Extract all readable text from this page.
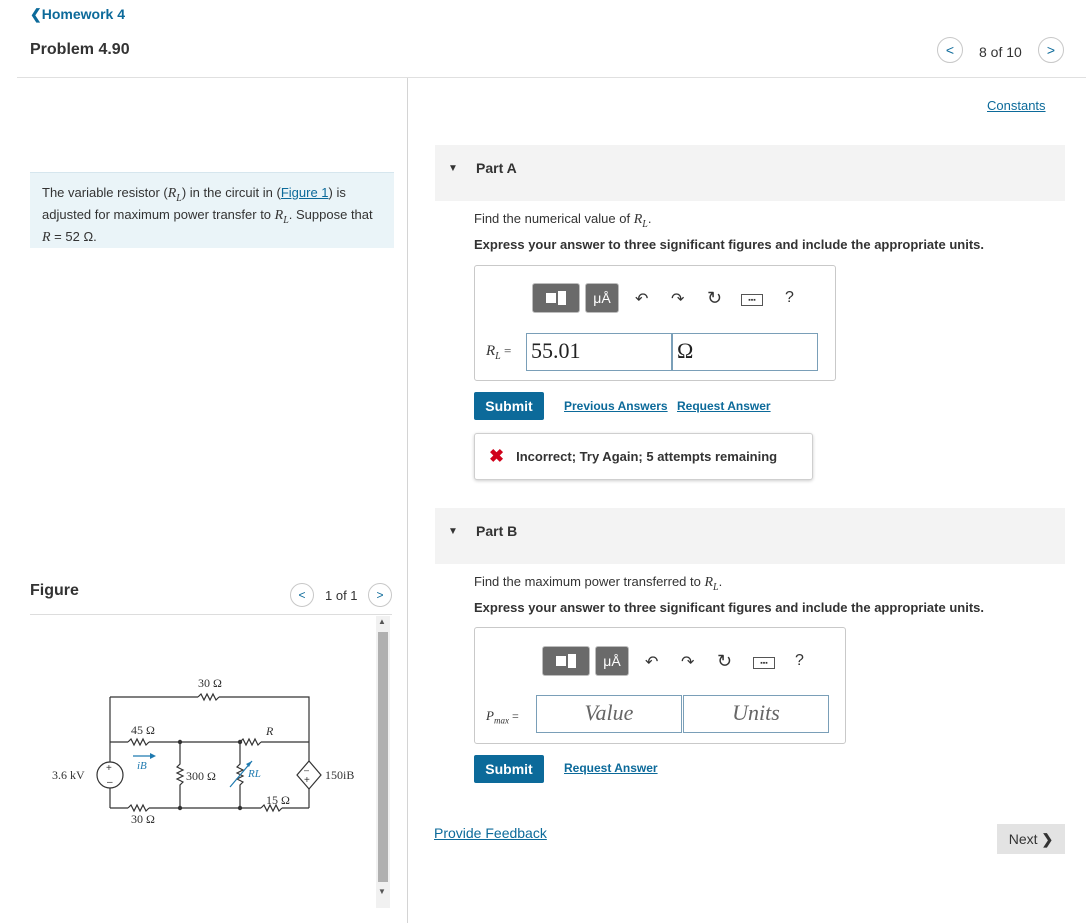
❮Homework 4
Problem 4.90	< 8 of 10 >
The variable resistor $(R_L)$ in the circuit in (Figure 1) is adjusted for maximum power transfer to $R_L$. Suppose that
R = 52 Ω.
Figure	< 1 of 1 >
▲
▼
+
–
–
+
30 Ω
45 Ω
3.6 kV
30 Ω
300 Ω
15 Ω
150iB
R
iB
RL
Constants
▼ Part A
Find the numerical value of $R_L$.
Express your answer to three significant figures and include the appropriate units.
μÅ	↶ ↷ ↻	▪▪▪	?
$R_L = 55.01$	Ω
Submit	Previous Answers Request Answer
✖ Incorrect; Try Again; 5 attempts remaining
▼ Part B
Find the maximum power transferred to $R_L$.
Express your answer to three significant figures and include the appropriate units.
μÅ	↶ ↷ ↻	▪▪▪	?
$P_{max}$ =	Value	Units
Submit	Request Answer
Provide Feedback	Next
❯
